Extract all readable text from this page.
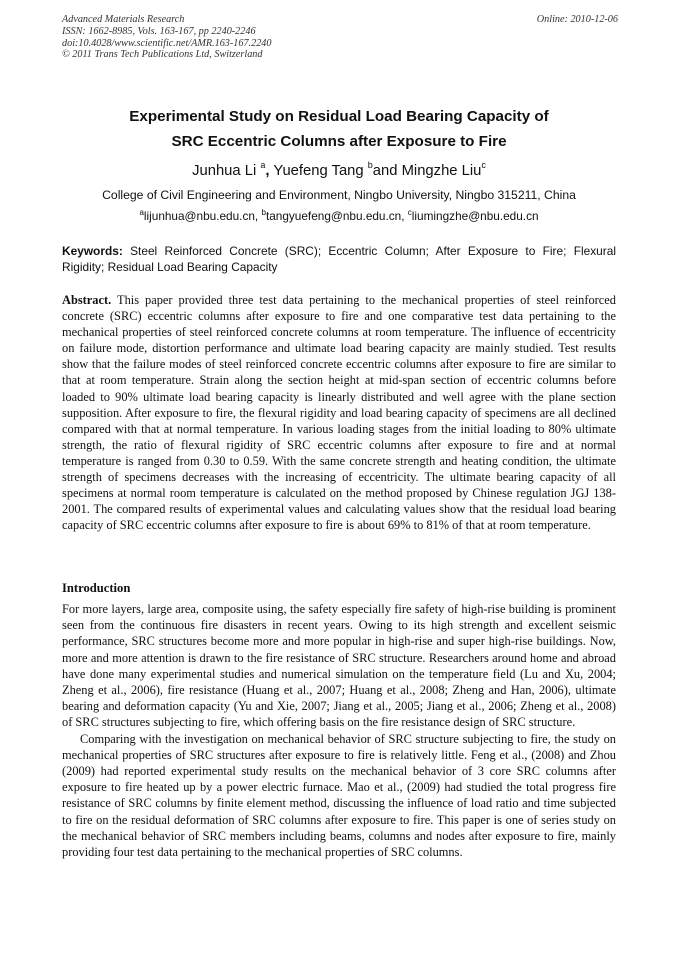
Advanced Materials Research
ISSN: 1662-8985, Vols. 163-167, pp 2240-2246
doi:10.4028/www.scientific.net/AMR.163-167.2240
© 2011 Trans Tech Publications Ltd, Switzerland
Online: 2010-12-06
Experimental Study on Residual Load Bearing Capacity of
SRC Eccentric Columns after Exposure to Fire
Junhua Li $^a$, Yuefeng Tang $^b$and Mingzhe Liu$^c$
College of Civil Engineering and Environment, Ningbo University, Ningbo 315211, China
$^a$lijunhua@nbu.edu.cn, $^b$tangyuefeng@nbu.edu.cn, $^c$liumingzhe@nbu.edu.cn
Keywords: Steel Reinforced Concrete (SRC); Eccentric Column; After Exposure to Fire; Flexural Rigidity; Residual Load Bearing Capacity
Abstract. This paper provided three test data pertaining to the mechanical properties of steel reinforced concrete (SRC) eccentric columns after exposure to fire and one comparative test data pertaining to the mechanical properties of steel reinforced concrete columns at room temperature. The influence of eccentricity on failure mode, distortion performance and ultimate load bearing capacity are mainly studied. Test results show that the failure modes of steel reinforced concrete eccentric columns after exposure to fire are similar to that at room temperature. Strain along the section height at mid-span section of eccentric columns before loaded to 90% ultimate load bearing capacity is linearly distributed and well agree with the plane section supposition. After exposure to fire, the flexural rigidity and load bearing capacity of specimens are all declined compared with that at normal temperature. In various loading stages from the initial loading to 80% ultimate strength, the ratio of flexural rigidity of SRC eccentric columns after exposure to fire and at normal temperature is ranged from 0.30 to 0.59. With the same concrete strength and heating condition, the ultimate strength of specimens decreases with the increasing of eccentricity. The ultimate bearing capacity of all specimens at normal room temperature is calculated on the method proposed by Chinese regulation JGJ 138-2001. The compared results of experimental values and calculating values show that the residual load bearing capacity of SRC eccentric columns after exposure to fire is about 69% to 81% of that at room temperature.
Introduction

For more layers, large area, composite using, the safety especially fire safety of high-rise building is prominent seen from the continuous fire disasters in recent years. Owing to its high strength and excellent seismic performance, SRC structures become more and more popular in high-rise and super high-rise buildings. Now, more and more attention is drawn to the fire resistance of SRC structure. Researchers around home and abroad have done many experimental studies and numerical simulation on the temperature field (Lu and Xu, 2004; Zheng et al., 2006), fire resistance (Huang et al., 2007; Huang et al., 2008; Zheng and Han, 2006), ultimate bearing and deformation capacity (Yu and Xie, 2007; Jiang et al., 2005; Jiang et al., 2006; Zheng et al., 2008) of SRC structures subjecting to fire, which offering basis on the fire resistance design of SRC structure.

Comparing with the investigation on mechanical behavior of SRC structure subjecting to fire, the study on mechanical properties of SRC structures after exposure to fire is relatively little. Feng et al., (2008) and Zhou (2009) had reported experimental study results on the mechanical behavior of 3 core SRC columns after exposure to fire heated up by a power electric furnace. Mao et al., (2009) had studied the total progress fire resistance of SRC columns by finite element method, discussing the influence of load ratio and time subjected to fire on the residual deformation of SRC columns after exposure to fire. This paper is one of series study on the mechanical behavior of SRC members including beams, columns and nodes after exposure to fire, mainly providing four test data pertaining to the mechanical properties of SRC columns.
